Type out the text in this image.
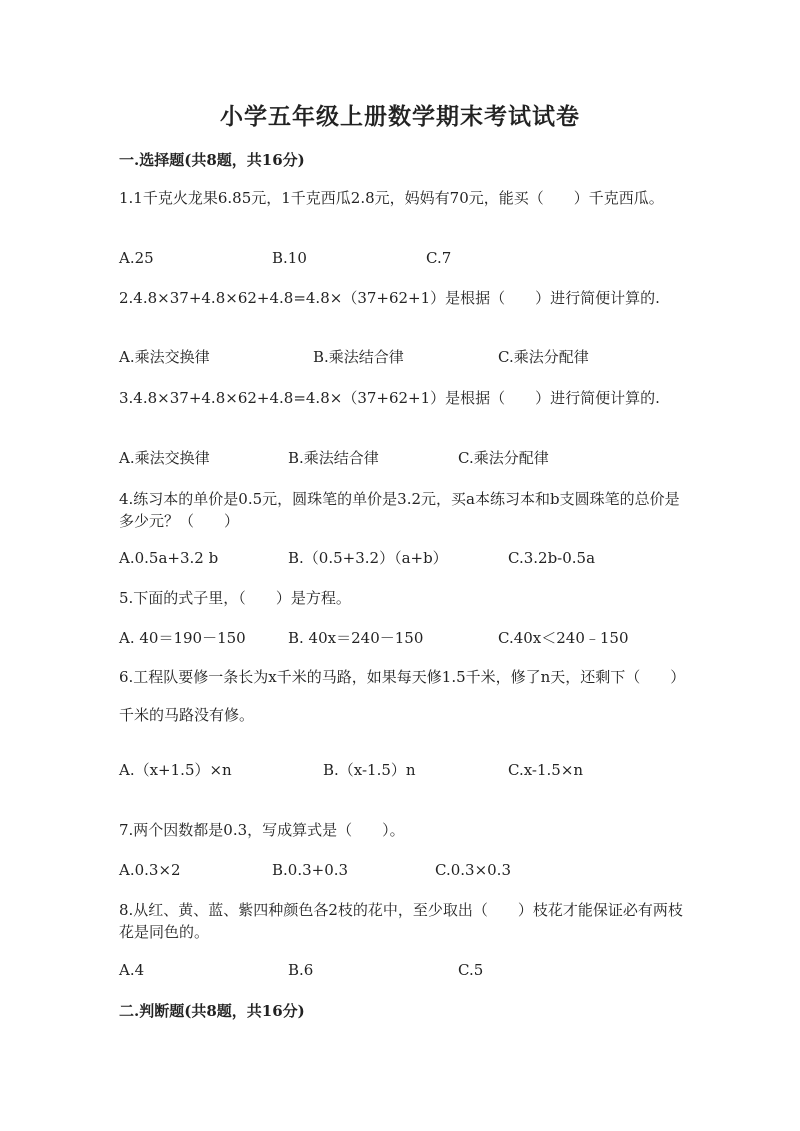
小学五年级上册数学期末考试试卷
一.选择题(共8题，共16分)

1.1千克火龙果6.85元，1千克西瓜2.8元，妈妈有70元，能买（　　）千克西瓜。

A.25	B.10	C.7

2.4.8×37+4.8×62+4.8=4.8×（37+62+1）是根据（　　）进行简便计算的.

A.乘法交换律	B.乘法结合律	C.乘法分配律

3.4.8×37+4.8×62+4.8=4.8×（37+62+1）是根据（　　）进行简便计算的.

A.乘法交换律	B.乘法结合律	C.乘法分配律

4.练习本的单价是0.5元，圆珠笔的单价是3.2元，买a本练习本和b支圆珠笔的总价是多少元？（　　）

A.0.5a+3.2 b	B.（0.5+3.2）（a+b）	C.3.2b-0.5a

5.下面的式子里，（　　）是方程。

A. 40＝190－150	B. 40x＝240－150	C.40x＜240﹣150

6.工程队要修一条长为x千米的马路，如果每天修1.5千米，修了n天，还剩下（　　）千米的马路没有修。

A.（x+1.5）×n	B.（x-1.5）n	C.x-1.5×n

7.两个因数都是0.3，写成算式是（　　）。

A.0.3×2	B.0.3+0.3	C.0.3×0.3

8.从红、黄、蓝、紫四种颜色各2枝的花中，至少取出（　　）枝花才能保证必有两枝花是同色的。

A.4	B.6	C.5
二.判断题(共8题，共16分)
